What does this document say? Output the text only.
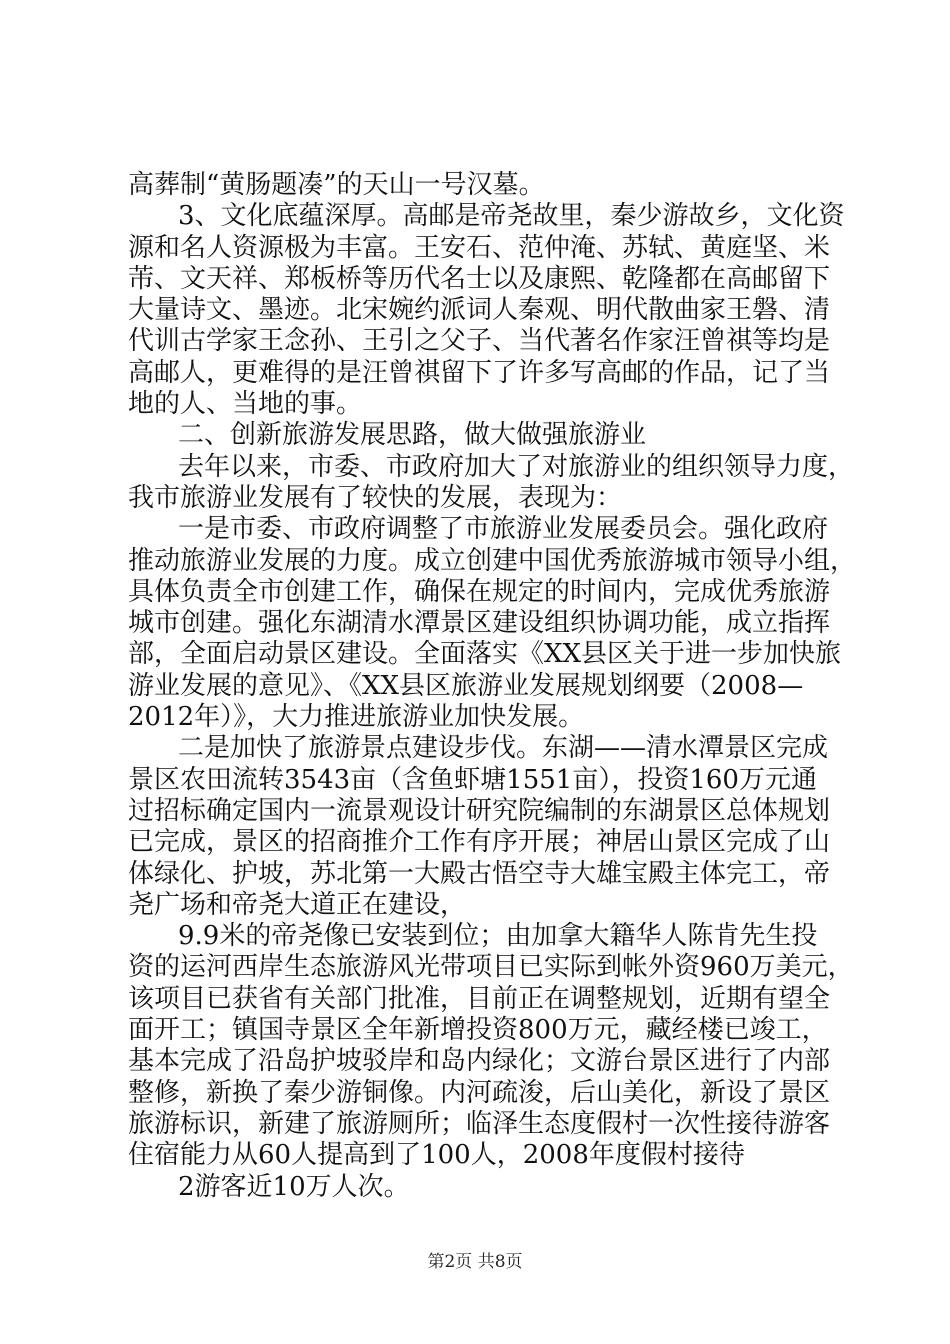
高葬制“黄肠题凑”的天山一号汉墓。
3、文化底蕴深厚。高邮是帝尧故里，秦少游故乡，文化资
源和名人资源极为丰富。王安石、范仲淹、苏轼、黄庭坚、米
芾、文天祥、郑板桥等历代名士以及康熙、乾隆都在高邮留下
大量诗文、墨迹。北宋婉约派词人秦观、明代散曲家王磐、清
代训古学家王念孙、王引之父子、当代著名作家汪曾祺等均是
高邮人，更难得的是汪曾祺留下了许多写高邮的作品，记了当
地的人、当地的事。
二、创新旅游发展思路，做大做强旅游业
去年以来，市委、市政府加大了对旅游业的组织领导力度，
我市旅游业发展有了较快的发展，表现为：
一是市委、市政府调整了市旅游业发展委员会。强化政府
推动旅游业发展的力度。成立创建中国优秀旅游城市领导小组，
具体负责全市创建工作，确保在规定的时间内，完成优秀旅游
城市创建。强化东湖清水潭景区建设组织协调功能，成立指挥
部，全面启动景区建设。全面落实《XX县区关于进一步加快旅
游业发展的意见》、《XX县区旅游业发展规划纲要（2008—
2012年）》，大力推进旅游业加快发展。
二是加快了旅游景点建设步伐。东湖——清水潭景区完成
景区农田流转3543亩（含鱼虾塘1551亩），投资160万元通
过招标确定国内一流景观设计研究院编制的东湖景区总体规划
已完成，景区的招商推介工作有序开展；神居山景区完成了山
体绿化、护坡，苏北第一大殿古悟空寺大雄宝殿主体完工，帝
尧广场和帝尧大道正在建设，
9.9米的帝尧像已安装到位；由加拿大籍华人陈肯先生投
资的运河西岸生态旅游风光带项目已实际到帐外资960万美元，
该项目已获省有关部门批准，目前正在调整规划，近期有望全
面开工；镇国寺景区全年新增投资800万元，藏经楼已竣工，
基本完成了沿岛护坡驳岸和岛内绿化；文游台景区进行了内部
整修，新换了秦少游铜像。内河疏浚，后山美化，新设了景区
旅游标识，新建了旅游厕所；临泽生态度假村一次性接待游客
住宿能力从60人提高到了100人，2008年度假村接待
2游客近10万人次。
第2页 共8页
